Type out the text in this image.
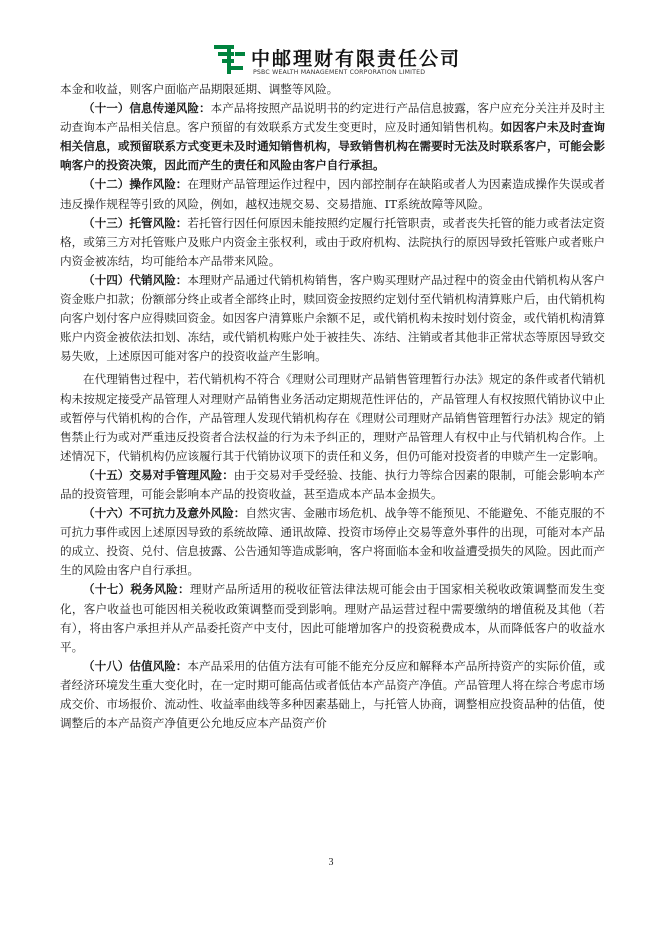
中邮理财有限责任公司
PSBC WEALTH MANAGEMENT CORPORATION LIMITED

本金和收益，则客户面临产品期限延期、调整等风险。

（十一）信息传递风险：本产品将按照产品说明书的约定进行产品信息披露，客户应充分关注并及时主动查询本产品相关信息。客户预留的有效联系方式发生变更时，应及时通知销售机构。如因客户未及时查询相关信息，或预留联系方式变更未及时通知销售机构，导致销售机构在需要时无法及时联系客户，可能会影响客户的投资决策，因此而产生的责任和风险由客户自行承担。

（十二）操作风险：在理财产品管理运作过程中，因内部控制存在缺陷或者人为因素造成操作失误或者违反操作规程等引致的风险，例如，越权违规交易、交易措施、IT系统故障等风险。

（十三）托管风险：若托管行因任何原因未能按照约定履行托管职责，或者丧失托管的能力或者法定资格，或第三方对托管账户及账户内资金主张权利，或由于政府机构、法院执行的原因导致托管账户或者账户内资金被冻结，均可能给本产品带来风险。

（十四）代销风险：本理财产品通过代销机构销售，客户购买理财产品过程中的资金由代销机构从客户资金账户扣款；份额部分终止或者全部终止时，赎回资金按照约定划付至代销机构清算账户后，由代销机构向客户划付客户应得赎回资金。如因客户清算账户余额不足，或代销机构未按时划付资金，或代销机构清算账户内资金被依法扣划、冻结，或代销机构账户处于被挂失、冻结、注销或者其他非正常状态等原因导致交易失败，上述原因可能对客户的投资收益产生影响。

在代理销售过程中，若代销机构不符合《理财公司理财产品销售管理暂行办法》规定的条件或者代销机构未按规定接受产品管理人对理财产品销售业务活动定期规范性评估的，产品管理人有权按照代销协议中止或暂停与代销机构的合作，产品管理人发现代销机构存在《理财公司理财产品销售管理暂行办法》规定的销售禁止行为或对严重违反投资者合法权益的行为未予纠正的，理财产品管理人有权中止与代销机构合作。上述情况下，代销机构仍应该履行其于代销协议项下的责任和义务，但仍可能对投资者的申赎产生一定影响。

（十五）交易对手管理风险：由于交易对手受经验、技能、执行力等综合因素的限制，可能会影响本产品的投资管理，可能会影响本产品的投资收益，甚至造成本产品本金损失。

（十六）不可抗力及意外风险：自然灾害、金融市场危机、战争等不能预见、不能避免、不能克服的不可抗力事件或因上述原因导致的系统故障、通讯故障、投资市场停止交易等意外事件的出现，可能对本产品的成立、投资、兑付、信息披露、公告通知等造成影响，客户将面临本金和收益遭受损失的风险。因此而产生的风险由客户自行承担。

（十七）税务风险：理财产品所适用的税收征管法律法规可能会由于国家相关税收政策调整而发生变化，客户收益也可能因相关税收政策调整而受到影响。理财产品运营过程中需要缴纳的增值税及其他（若有），将由客户承担并从产品委托资产中支付，因此可能增加客户的投资税费成本，从而降低客户的收益水平。

（十八）估值风险：本产品采用的估值方法有可能不能充分反应和解释本产品所持资产的实际价值，或者经济环境发生重大变化时，在一定时期可能高估或者低估本产品资产净值。产品管理人将在综合考虑市场成交价、市场报价、流动性、收益率曲线等多种因素基础上，与托管人协商，调整相应投资品种的估值，使调整后的本产品资产净值更公允地反应本产品资产价

3
